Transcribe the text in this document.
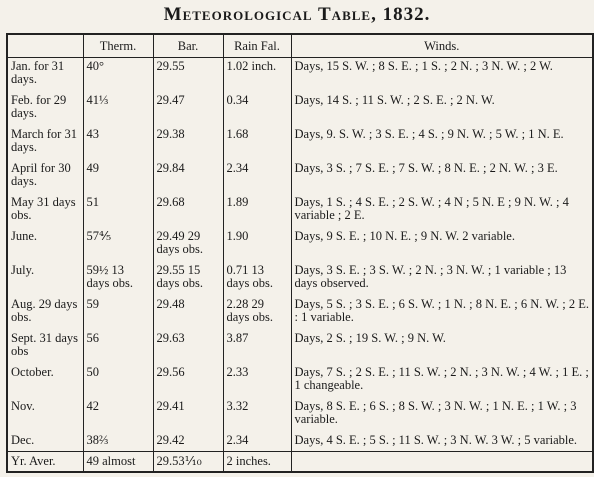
Meteorological Table, 1832.
	Therm.	Bar.	Rain Fal.	Winds.
Jan. for 31 days.	40°	29.55	1.02 inch.	Days, 15 S. W. ; 8 S. E. ; 1 S. ; 2 N. ; 3 N. W. ; 2 W.
Feb. for 29 days.	41⅓	29.47	0.34	Days, 14 S. ; 11 S. W. ; 2 S. E. ; 2 N. W.
March for 31 days.	43	29.38	1.68	Days, 9. S. W. ; 3 S. E. ; 4 S. ; 9 N. W. ; 5 W. ; 1 N. E.
April for 30 days.	49	29.84	2.34	Days, 3 S. ; 7 S. E. ; 7 S. W. ; 8 N. E. ; 2 N. W. ; 3 E.
May 31 days obs.	51	29.68	1.89	Days, 1 S. ; 4 S. E. ; 2 S. W. ; 4 N ; 5 N. E ; 9 N. W. ; 4 variable ; 2 E.
June.	57⅘	29.49 29 days obs.	1.90	Days, 9 S. E. ; 10 N. E. ; 9 N. W. 2 variable.
July.	59½ 13 days obs.	29.55 15 days obs.	0.71 13 days obs.	Days, 3 S. E. ; 3 S. W. ; 2 N. ; 3 N. W. ; 1 variable ; 13 days observed.
Aug. 29 days obs.	59	29.48	2.28 29 days obs.	Days, 5 S. ; 3 S. E. ; 6 S. W. ; 1 N. ; 8 N. E. ; 6 N. W. ; 2 E. : 1 variable.
Sept. 31 days obs	56	29.63	3.87	Days, 2 S. ; 19 S. W. ; 9 N. W.
October.	50	29.56	2.33	Days, 7 S. ; 2 S. E. ; 11 S. W. ; 2 N. ; 3 N. W. ; 4 W. ; 1 E. ; 1 changeable.
Nov.	42	29.41	3.32	Days, 8 S. E. ; 6 S. ; 8 S. W. ; 3 N. W. ; 1 N. E. ; 1 W. ; 3 variable.
Dec.	38⅔	29.42	2.34	Days, 4 S. E. ; 5 S. ; 11 S. W. ; 3 N. W. 3 W. ; 5 variable.
Yr. Aver.	49 almost	29.53⅒	2 inches.	
